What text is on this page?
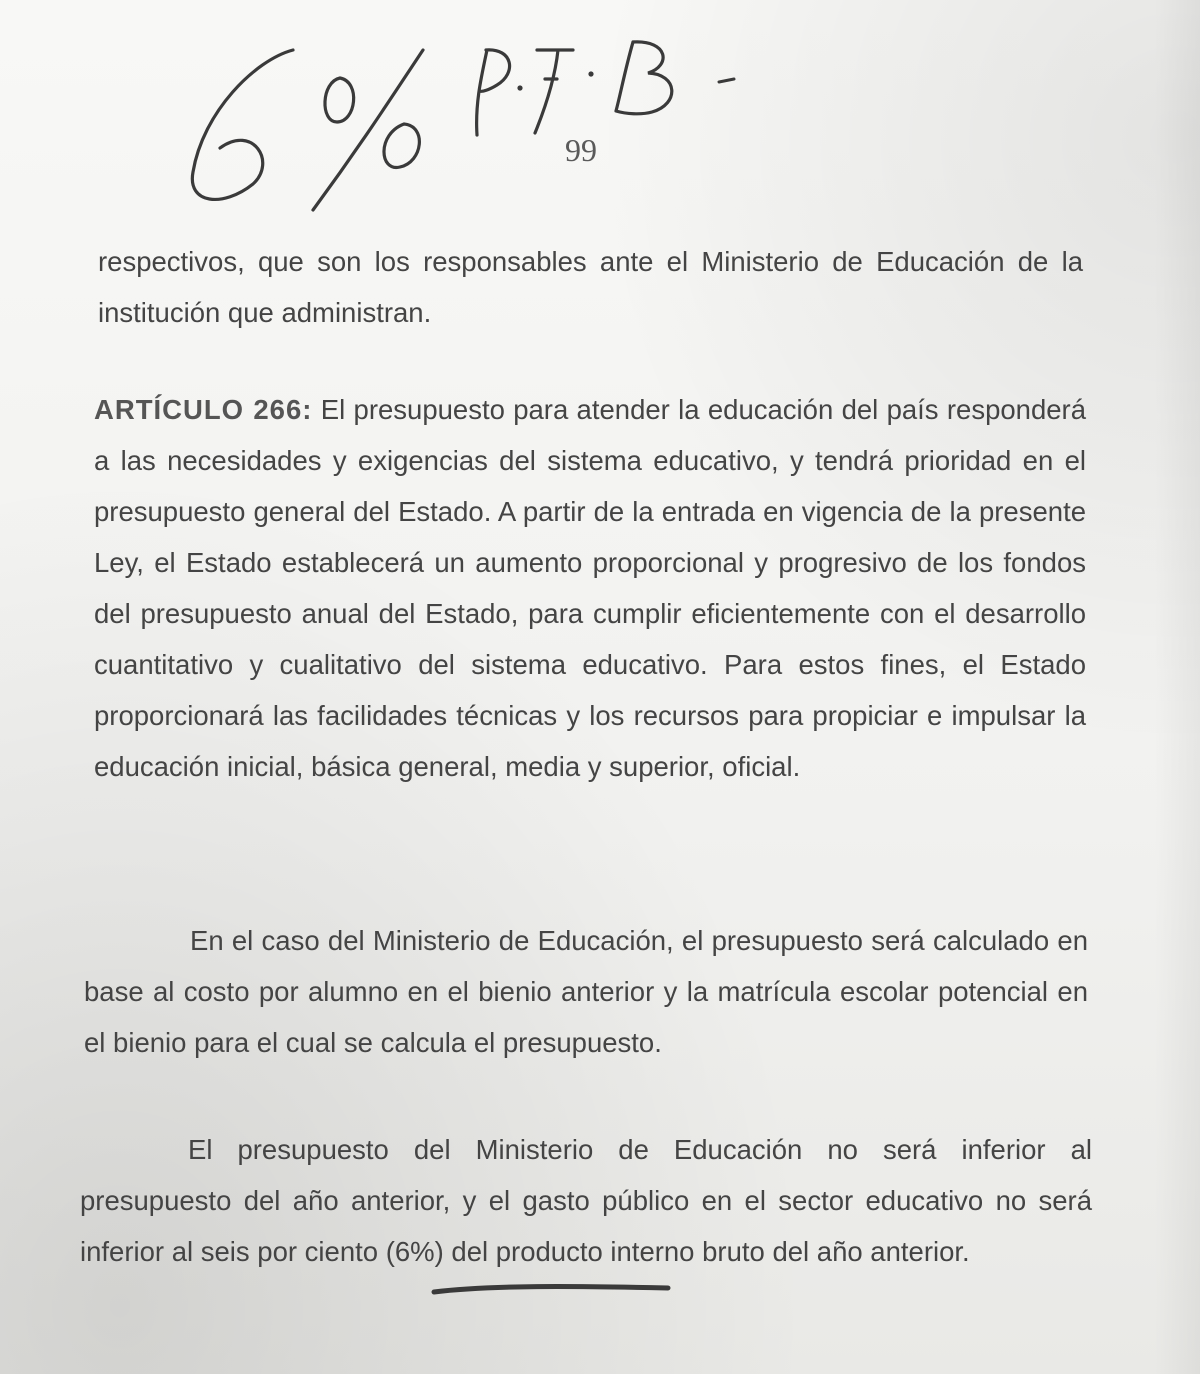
99
respectivos, que son los responsables ante el Ministerio de Educación de la institución que administran.
ARTÍCULO 266: El presupuesto para atender la educación del país responderá a las necesidades y exigencias del sistema educativo, y tendrá prioridad en el presupuesto general del Estado. A partir de la entrada en vigencia de la presente Ley, el Estado establecerá un aumento proporcional y progresivo de los fondos del presupuesto anual del Estado, para cumplir eficientemente con el desarrollo cuantitativo y cualitativo del sistema educativo. Para estos fines, el Estado proporcionará las facilidades técnicas y los recursos para propiciar e impulsar la educación inicial, básica general, media y superior, oficial.
En el caso del Ministerio de Educación, el presupuesto será calculado en base al costo por alumno en el bienio anterior y la matrícula escolar potencial en el bienio para el cual se calcula el presupuesto.
El presupuesto del Ministerio de Educación no será inferior al presupuesto del año anterior, y el gasto público en el sector educativo no será inferior al seis por ciento (6%) del producto interno bruto del año anterior.
